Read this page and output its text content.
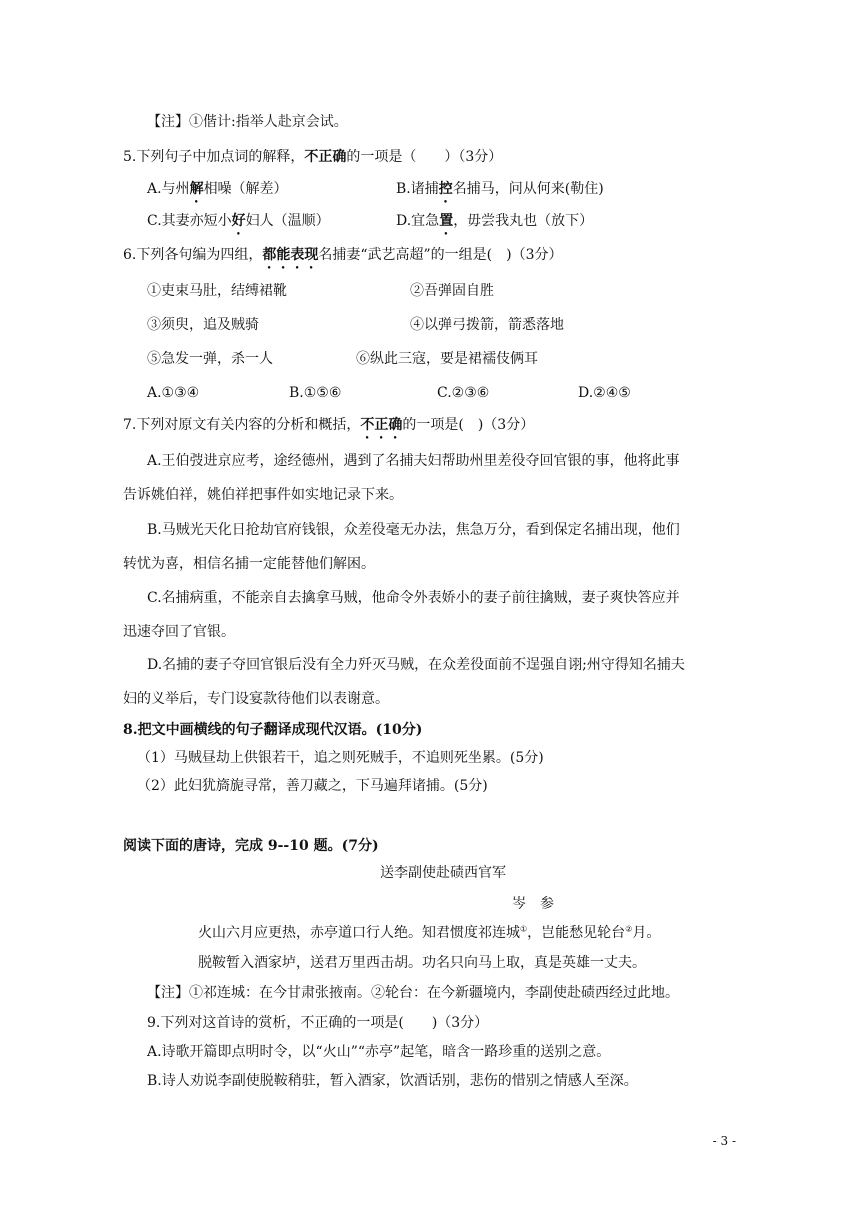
【注】①偕计:指举人赴京会试。
5.下列句子中加点词的解释，不正确的一项是（　　）（3分）
A.与州解相噪（解差）	B.诸捕控名捕马，问从何来(勒住)
C.其妻亦短小好妇人（温顺）	D.宜急置，毋尝我丸也（放下）
6.下列各句编为四组，都能表现名捕妻“武艺高超”的一组是(　)（3分）
①吏束马肚，结缚裙靴	②吾弹固自胜
③须臾，追及贼骑	④以弹弓拨箭，箭悉落地
⑤急发一弹，杀一人	⑥纵此三寇，要是裙襦伎俩耳
A.①③④	B.①⑤⑥	C.②③⑥	D.②④⑤
7.下列对原文有关内容的分析和概括，不正确的一项是(　)（3分）
A.王伯弢进京应考，途经德州，遇到了名捕夫妇帮助州里差役夺回官银的事，他将此事
告诉姚伯祥，姚伯祥把事件如实地记录下来。
B.马贼光天化日抢劫官府钱银，众差役毫无办法，焦急万分，看到保定名捕出现，他们
转忧为喜，相信名捕一定能替他们解困。
C.名捕病重，不能亲自去擒拿马贼，他命令外表娇小的妻子前往擒贼，妻子爽快答应并
迅速夺回了官银。
D.名捕的妻子夺回官银后没有全力歼灭马贼，在众差役面前不逞强自诩;州守得知名捕夫
妇的义举后，专门设宴款待他们以表谢意。
8.把文中画横线的句子翻译成现代汉语。(10分)
（1）马贼昼劫上供银若干，追之则死贼手，不追则死坐累。(5分)
（2）此妇犹旖旎寻常，善刀藏之，下马遍拜诸捕。(5分)
阅读下面的唐诗，完成 9--10 题。(7分)
送李副使赴碛西官军
岑　参
火山六月应更热，赤亭道口行人绝。知君惯度祁连城①，岂能愁见轮台②月。
脱鞍暂入酒家垆，送君万里西击胡。功名只向马上取，真是英雄一丈夫。
【注】①祁连城：在今甘肃张掖南。②轮台：在今新疆境内，李副使赴碛西经过此地。
9.下列对这首诗的赏析，不正确的一项是(　　)（3分）
A.诗歌开篇即点明时令，以“火山”“赤亭”起笔，暗含一路珍重的送别之意。
B.诗人劝说李副使脱鞍稍驻，暂入酒家，饮酒话别，悲伤的惜别之情感人至深。
- 3 -
